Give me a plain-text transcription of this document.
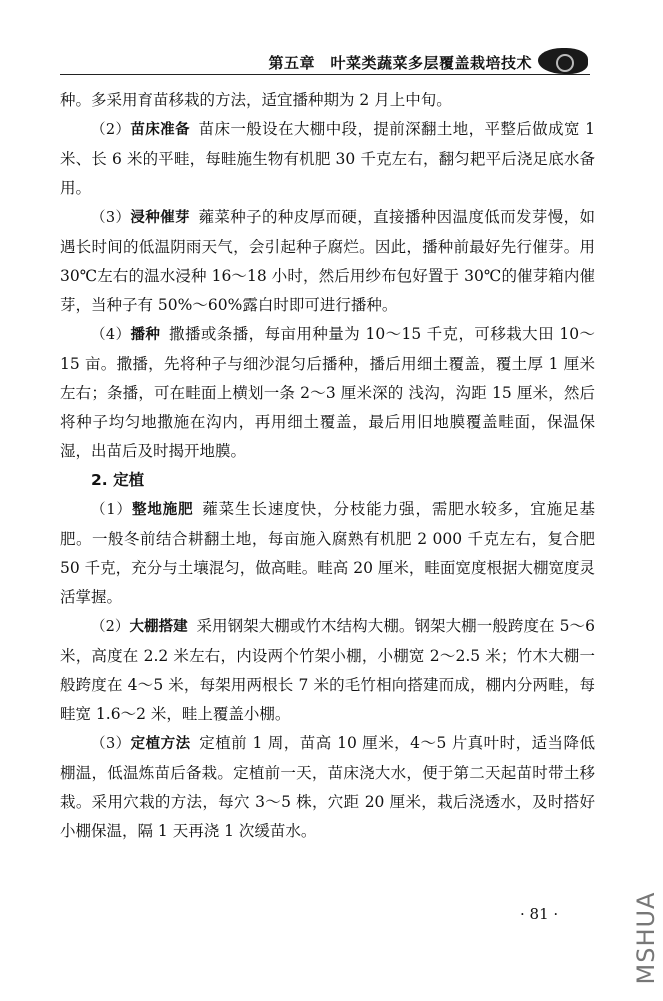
第五章　叶菜类蔬菜多层覆盖栽培技术

种。多采用育苗移栽的方法，适宜播种期为 2 月上中旬。

（2）苗床准备 苗床一般设在大棚中段，提前深翻土地，平整后做成宽 1 米、长 6 米的平畦，每畦施生物有机肥 30 千克左右，翻匀耙平后浇足底水备用。

（3）浸种催芽 蕹菜种子的种皮厚而硬，直接播种因温度低而发芽慢，如遇长时间的低温阴雨天气，会引起种子腐烂。因此，播种前最好先行催芽。用 30℃左右的温水浸种 16～18 小时，然后用纱布包好置于 30℃的催芽箱内催芽，当种子有 50%～60%露白时即可进行播种。

（4）播种 撒播或条播，每亩用种量为 10～15 千克，可移栽大田 10～15 亩。撒播，先将种子与细沙混匀后播种，播后用细土覆盖，覆土厚 1 厘米左右；条播，可在畦面上横划一条 2～3 厘米深的 浅沟，沟距 15 厘米，然后将种子均匀地撒施在沟内，再用细土覆盖，最后用旧地膜覆盖畦面，保温保湿，出苗后及时揭开地膜。

2. 定植

（1）整地施肥 蕹菜生长速度快，分枝能力强，需肥水较多，宜施足基肥。一般冬前结合耕翻土地，每亩施入腐熟有机肥 2 000 千克左右，复合肥 50 千克，充分与土壤混匀，做高畦。畦高 20 厘米，畦面宽度根据大棚宽度灵活掌握。

（2）大棚搭建 采用钢架大棚或竹木结构大棚。钢架大棚一般跨度在 5～6 米，高度在 2.2 米左右，内设两个竹架小棚，小棚宽 2～2.5 米；竹木大棚一般跨度在 4～5 米，每架用两根长 7 米的毛竹相向搭建而成，棚内分两畦，每畦宽 1.6～2 米，畦上覆盖小棚。

（3）定植方法 定植前 1 周，苗高 10 厘米，4～5 片真叶时，适当降低棚温，低温炼苗后备栽。定植前一天，苗床浇大水，便于第二天起苗时带土移栽。采用穴栽的方法，每穴 3～5 株，穴距 20 厘米，栽后浇透水，及时搭好小棚保温，隔 1 天再浇 1 次缓苗水。

· 81 ·	MSHUA
